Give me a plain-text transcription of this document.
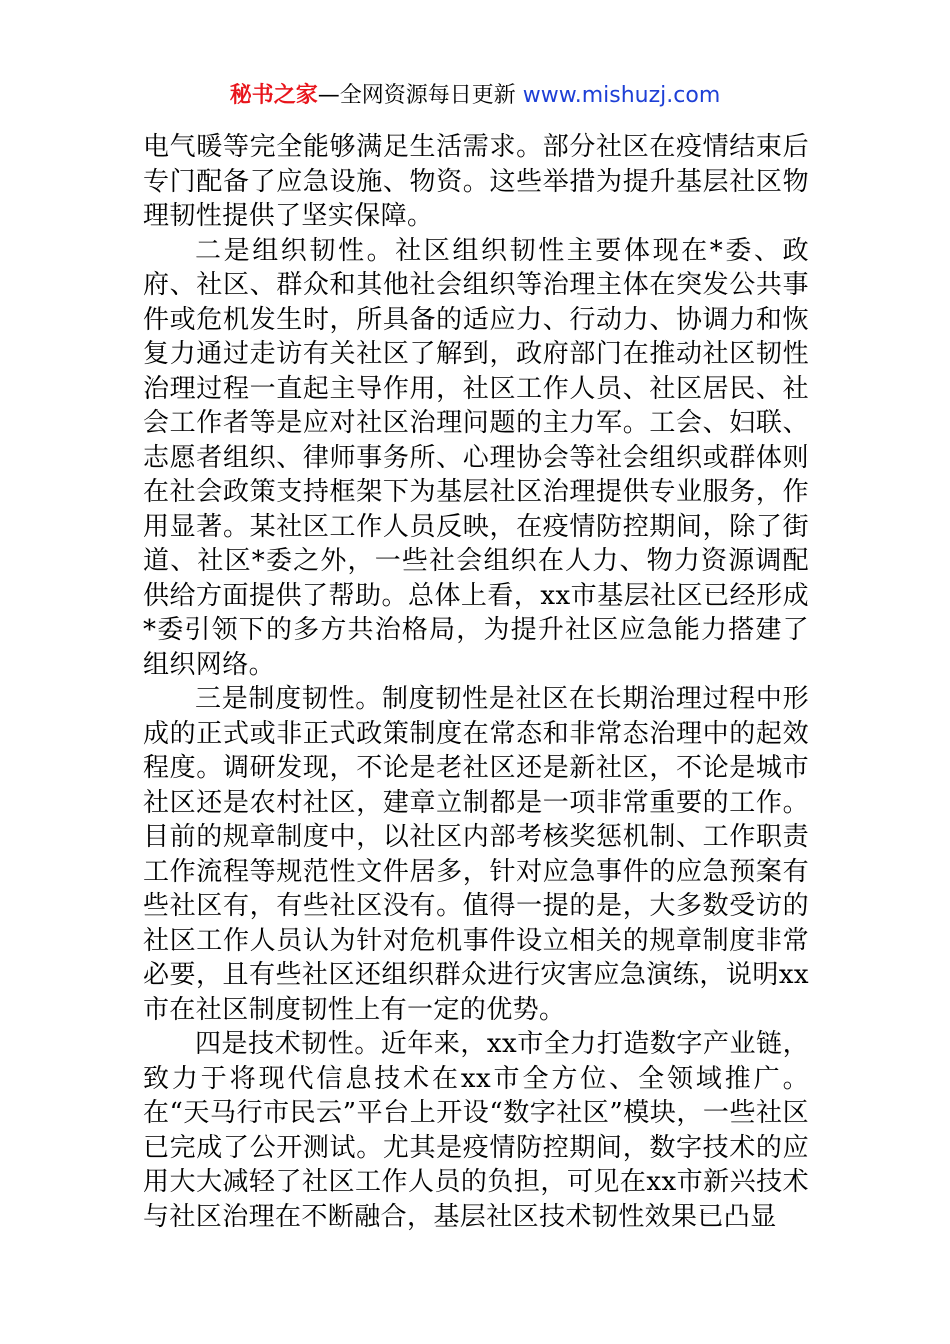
秘书之家—全网资源每日更新 www.mishuzj.com

电气暖等完全能够满足生活需求。部分社区在疫情结束后专门配备了应急设施、物资。这些举措为提升基层社区物理韧性提供了坚实保障。

二是组织韧性。社区组织韧性主要体现在*委、政府、社区、群众和其他社会组织等治理主体在突发公共事件或危机发生时，所具备的适应力、行动力、协调力和恢复力通过走访有关社区了解到，政府部门在推动社区韧性治理过程一直起主导作用，社区工作人员、社区居民、社会工作者等是应对社区治理问题的主力军。工会、妇联、志愿者组织、律师事务所、心理协会等社会组织或群体则在社会政策支持框架下为基层社区治理提供专业服务，作用显著。某社区工作人员反映，在疫情防控期间，除了街道、社区*委之外，一些社会组织在人力、物力资源调配供给方面提供了帮助。总体上看，xx市基层社区已经形成*委引领下的多方共治格局，为提升社区应急能力搭建了组织网络。

三是制度韧性。制度韧性是社区在长期治理过程中形成的正式或非正式政策制度在常态和非常态治理中的起效程度。调研发现，不论是老社区还是新社区，不论是城市社区还是农村社区，建章立制都是一项非常重要的工作。目前的规章制度中，以社区内部考核奖惩机制、工作职责工作流程等规范性文件居多，针对应急事件的应急预案有些社区有，有些社区没有。值得一提的是，大多数受访的社区工作人员认为针对危机事件设立相关的规章制度非常必要，且有些社区还组织群众进行灾害应急演练，说明xx市在社区制度韧性上有一定的优势。

四是技术韧性。近年来，xx市全力打造数字产业链，致力于将现代信息技术在xx市全方位、全领域推广。在“天马行市民云”平台上开设“数字社区”模块，一些社区已完成了公开测试。尤其是疫情防控期间，数字技术的应用大大减轻了社区工作人员的负担，可见在xx市新兴技术与社区治理在不断融合，基层社区技术韧性效果已凸显
